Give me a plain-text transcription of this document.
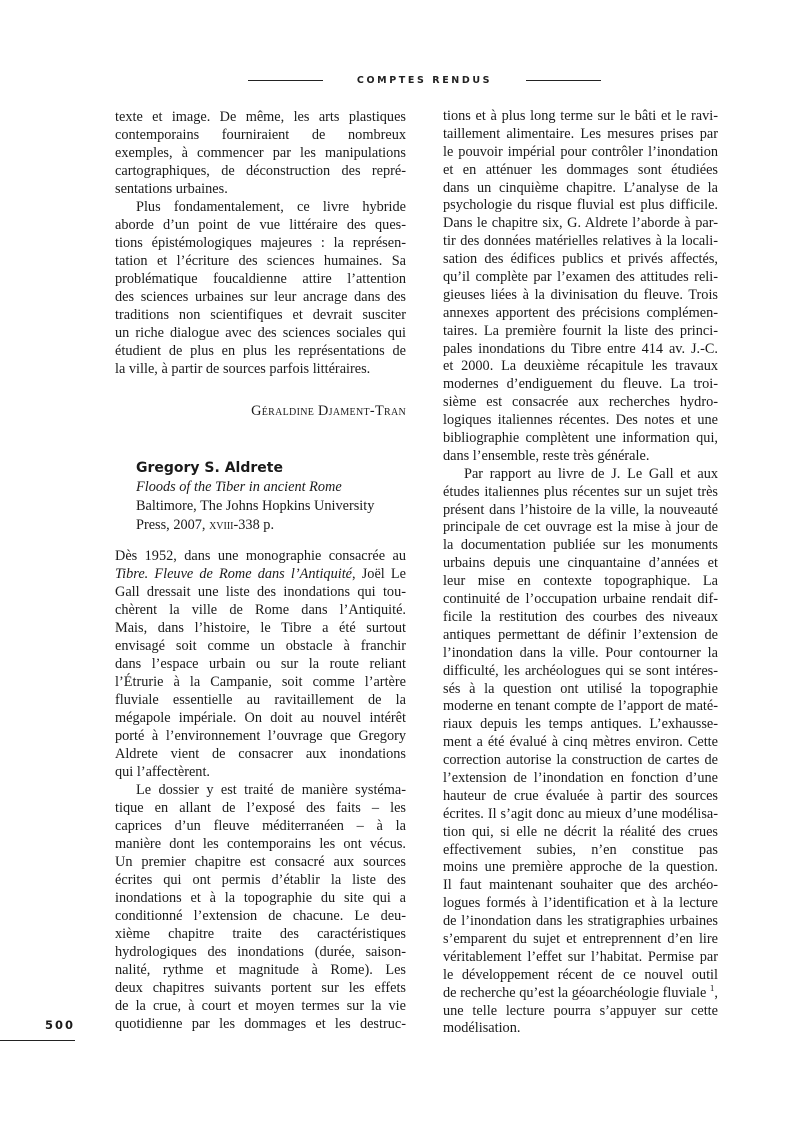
COMPTES RENDUS
texte et image. De même, les arts plastiques
contemporains fourniraient de nombreux
exemples, à commencer par les manipulations
cartographiques, de déconstruction des repré-
sentations urbaines.
Plus fondamentalement, ce livre hybride
aborde d’un point de vue littéraire des ques-
tions épistémologiques majeures : la représen-
tation et l’écriture des sciences humaines. Sa
problématique foucaldienne attire l’attention
des sciences urbaines sur leur ancrage dans des
traditions non scientifiques et devrait susciter
un riche dialogue avec des sciences sociales qui
étudient de plus en plus les représentations de
la ville, à partir de sources parfois littéraires.
Géraldine Djament-Tran
Gregory S. Aldrete
Floods of the Tiber in ancient Rome
Baltimore, The Johns Hopkins University
Press, 2007, xviii-338 p.
Dès 1952, dans une monographie consacrée au
Tibre. Fleuve de Rome dans l’Antiquité, Joël Le
Gall dressait une liste des inondations qui tou-
chèrent la ville de Rome dans l’Antiquité.
Mais, dans l’histoire, le Tibre a été surtout
envisagé soit comme un obstacle à franchir
dans l’espace urbain ou sur la route reliant
l’Étrurie à la Campanie, soit comme l’artère
fluviale essentielle au ravitaillement de la
mégapole impériale. On doit au nouvel intérêt
porté à l’environnement l’ouvrage que Gregory
Aldrete vient de consacrer aux inondations
qui l’affectèrent.
Le dossier y est traité de manière systéma-
tique en allant de l’exposé des faits – les
caprices d’un fleuve méditerranéen – à la
manière dont les contemporains les ont vécus.
Un premier chapitre est consacré aux sources
écrites qui ont permis d’établir la liste des
inondations et à la topographie du site qui a
conditionné l’extension de chacune. Le deu-
xième chapitre traite des caractéristiques
hydrologiques des inondations (durée, saison-
nalité, rythme et magnitude à Rome). Les
deux chapitres suivants portent sur les effets
de la crue, à court et moyen termes sur la vie
quotidienne par les dommages et les destruc-
tions et à plus long terme sur le bâti et le ravi-
taillement alimentaire. Les mesures prises par
le pouvoir impérial pour contrôler l’inondation
et en atténuer les dommages sont étudiées
dans un cinquième chapitre. L’analyse de la
psychologie du risque fluvial est plus difficile.
Dans le chapitre six, G. Aldrete l’aborde à par-
tir des données matérielles relatives à la locali-
sation des édifices publics et privés affectés,
qu’il complète par l’examen des attitudes reli-
gieuses liées à la divinisation du fleuve. Trois
annexes apportent des précisions complémen-
taires. La première fournit la liste des princi-
pales inondations du Tibre entre 414 av. J.-C.
et 2000. La deuxième récapitule les travaux
modernes d’endiguement du fleuve. La troi-
sième est consacrée aux recherches hydro-
logiques italiennes récentes. Des notes et une
bibliographie complètent une information qui,
dans l’ensemble, reste très générale.
Par rapport au livre de J. Le Gall et aux
études italiennes plus récentes sur un sujet très
présent dans l’histoire de la ville, la nouveauté
principale de cet ouvrage est la mise à jour de
la documentation publiée sur les monuments
urbains depuis une cinquantaine d’années et
leur mise en contexte topographique. La
continuité de l’occupation urbaine rendait dif-
ficile la restitution des courbes des niveaux
antiques permettant de définir l’extension de
l’inondation dans la ville. Pour contourner la
difficulté, les archéologues qui se sont intéres-
sés à la question ont utilisé la topographie
moderne en tenant compte de l’apport de maté-
riaux depuis les temps antiques. L’exhausse-
ment a été évalué à cinq mètres environ. Cette
correction autorise la construction de cartes de
l’extension de l’inondation en fonction d’une
hauteur de crue évaluée à partir des sources
écrites. Il s’agit donc au mieux d’une modélisa-
tion qui, si elle ne décrit la réalité des crues
effectivement subies, n’en constitue pas
moins une première approche de la question.
Il faut maintenant souhaiter que des archéo-
logues formés à l’identification et à la lecture
de l’inondation dans les stratigraphies urbaines
s’emparent du sujet et entreprennent d’en lire
véritablement l’effet sur l’habitat. Permise par
le développement récent de ce nouvel outil
de recherche qu’est la géoarchéologie fluviale $^1$,
une telle lecture pourra s’appuyer sur cette
modélisation.
500
